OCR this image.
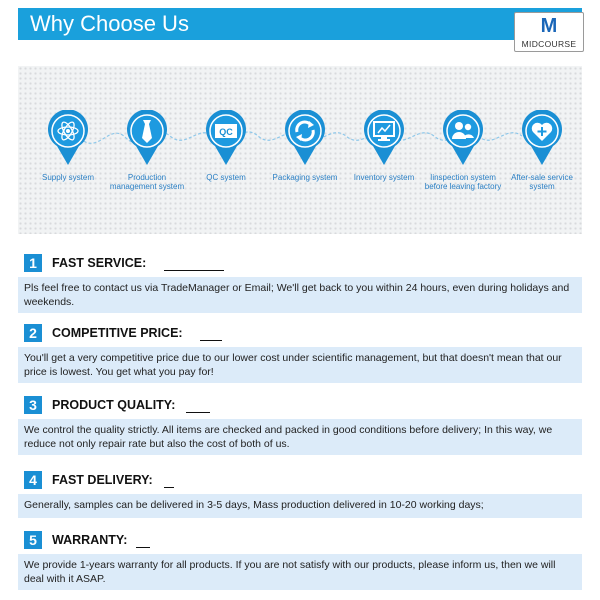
Why Choose Us	M
MIDCOURSE
Supply system	Production management system
QC
QC system	Packaging system	Inventory system	Iinspection system before leaving factory
After-sale service system
1	FAST SERVICE:
Pls feel free to contact us via TradeManager or Email; We'll get back to you within 24 hours, even during holidays and weekends.
2	COMPETITIVE PRICE:
You'll get a very competitive price due to our lower cost under scientific management, but that doesn't mean that our price is lowest. You get what you pay for!
3	PRODUCT QUALITY:
We control the quality strictly. All items are checked and packed in good conditions before delivery; In this way, we reduce not only repair rate but also the cost of both of us.
4	FAST DELIVERY:
Generally, samples can be delivered in 3-5 days, Mass production delivered in 10-20 working days;
5	WARRANTY:
We provide 1-years warranty for all products. If you are not satisfy with our products, please inform us, then we will deal with it ASAP.
